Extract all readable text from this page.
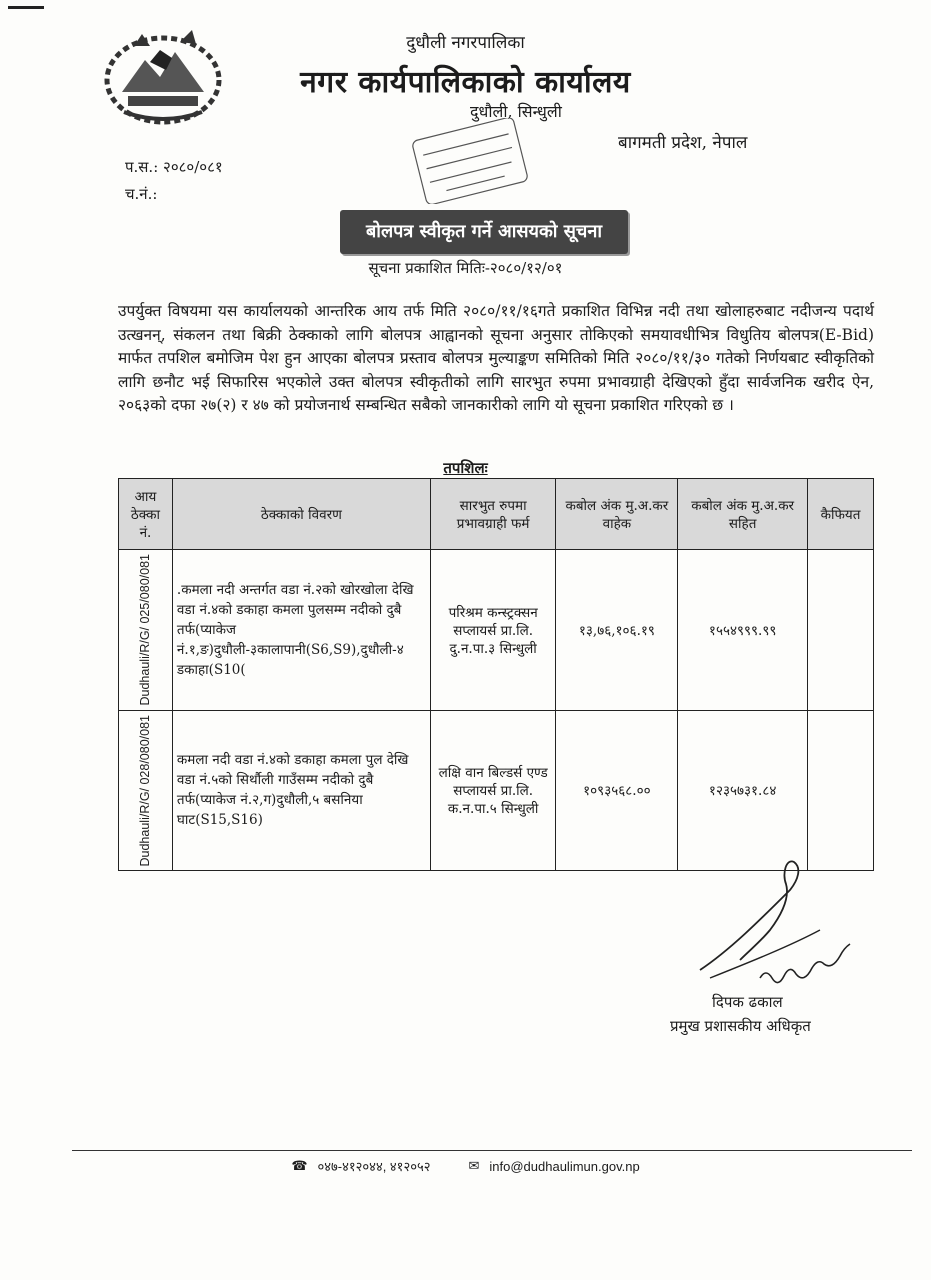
दुधौली नगरपालिका
नगर कार्यपालिकाको कार्यालय
दुधौली, सिन्धुली
बागमती प्रदेश, नेपाल
प.स.: २०८०/०८१
च.नं.:
बोलपत्र स्वीकृत गर्ने आसयको सूचना
सूचना प्रकाशित मितिः-२०८०/१२/०१
उपर्युक्त विषयमा यस कार्यालयको आन्तरिक आय तर्फ मिति २०८०/११/१६गते प्रकाशित विभिन्न नदी तथा खोलाहरुबाट नदीजन्य पदार्थ उत्खनन्, संकलन तथा बिक्री ठेक्काको लागि बोलपत्र आह्वानको सूचना अनुसार तोकिएको समयावधीभित्र विधुतिय बोलपत्र(E-Bid) मार्फत तपशिल बमोजिम पेश हुन आएका बोलपत्र प्रस्ताव बोलपत्र मुल्याङ्कण समितिको मिति २०८०/११/३० गतेको निर्णयबाट स्वीकृतिको लागि छनौट भई सिफारिस भएकोले उक्त बोलपत्र स्वीकृतीको लागि सारभुत रुपमा प्रभावग्राही देखिएको हुँदा सार्वजनिक खरीद ऐन, २०६३को दफा २७(२) र ४७ को प्रयोजनार्थ सम्बन्धित सबैको जानकारीको लागि यो सूचना प्रकाशित गरिएको छ ।
तपशिलः
आय ठेक्का नं.	ठेक्काको विवरण	सारभुत रुपमा प्रभावग्राही फर्म	कबोल अंक मु.अ.कर वाहेक	कबोल अंक मु.अ.कर सहित	कैफियत

Dudhauli/R/G/ 025/080/081	.कमला नदी अन्तर्गत वडा नं.२को खोरखोला देखि वडा नं.४को डकाहा कमला पुलसम्म नदीको दुबै तर्फ(प्याकेज नं.१,ङ)दुधौली-३कालापानी(S6,S9),दुधौली-४ डकाहा(S10(	परिश्रम कन्स्ट्रक्सन सप्लायर्स प्रा.लि. दु.न.पा.३ सिन्धुली	१३,७६,१०६.१९	१५५४९९९.९९	

Dudhauli/R/G/ 028/080/081	कमला नदी वडा नं.४को डकाहा कमला पुल देखि वडा नं.५को सिर्थौली गाउँसम्म नदीको दुबै तर्फ(प्याकेज नं.२,ग)दुधौली,५ बसनिया घाट(S15,S16)	लक्षि वान बिल्डर्स एण्ड सप्लायर्स प्रा.लि. क.न.पा.५ सिन्धुली	१०९३५६८.००	१२३५७३१.८४	
दिपक ढकाल
प्रमुख प्रशासकीय अधिकृत
☎ ०४७-४१२०४४, ४१२०५२	✉ info@dudhaulimun.gov.np
